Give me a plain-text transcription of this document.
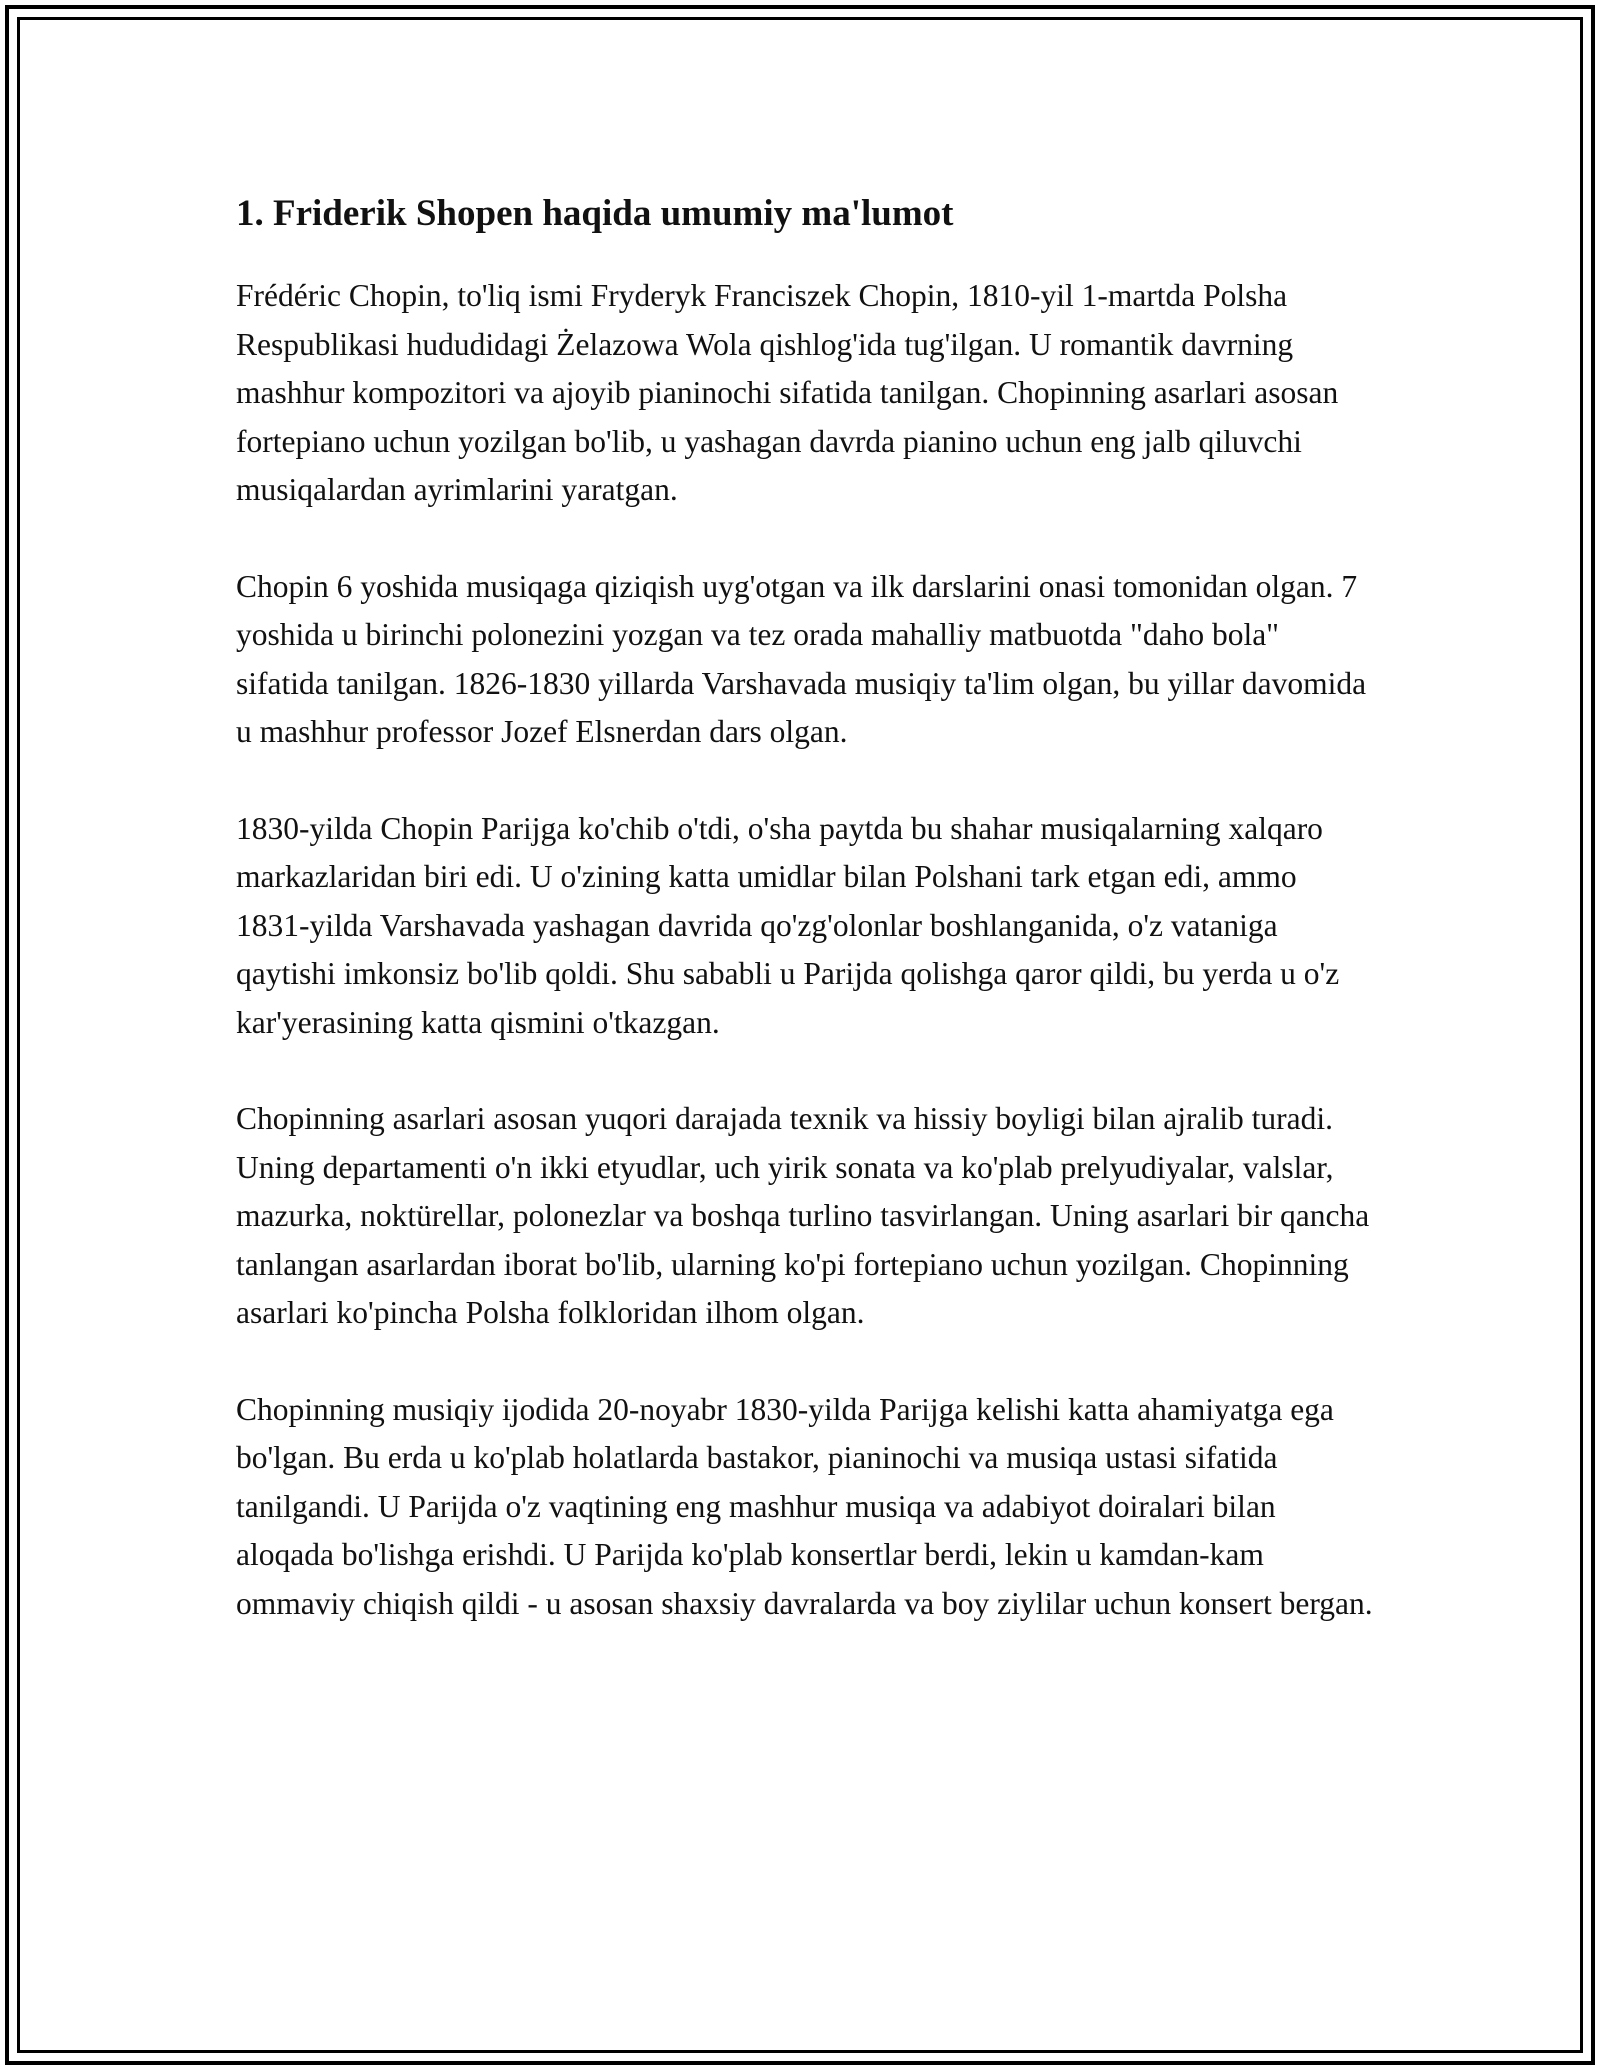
1. Friderik Shopen haqida umumiy ma'lumot

Frédéric Chopin, to'liq ismi Fryderyk Franciszek Chopin, 1810-yil 1-martda Polsha Respublikasi hududidagi Żelazowa Wola qishlog'ida tug'ilgan. U romantik davrning mashhur kompozitori va ajoyib pianinochi sifatida tanilgan. Chopinning asarlari asosan fortepiano uchun yozilgan bo'lib, u yashagan davrda pianino uchun eng jalb qiluvchi musiqalardan ayrimlarini yaratgan.

Chopin 6 yoshida musiqaga qiziqish uyg'otgan va ilk darslarini onasi tomonidan olgan. 7 yoshida u birinchi polonezini yozgan va tez orada mahalliy matbuotda "daho bola" sifatida tanilgan. 1826-1830 yillarda Varshavada musiqiy ta'lim olgan, bu yillar davomida u mashhur professor Jozef Elsnerdan dars olgan.

1830-yilda Chopin Parijga ko'chib o'tdi, o'sha paytda bu shahar musiqalarning xalqaro markazlaridan biri edi. U o'zining katta umidlar bilan Polshani tark etgan edi, ammo 1831-yilda Varshavada yashagan davrida qo'zg'olonlar boshlanganida, o'z vataniga qaytishi imkonsiz bo'lib qoldi. Shu sababli u Parijda qolishga qaror qildi, bu yerda u o'z kar'yerasining katta qismini o'tkazgan.

Chopinning asarlari asosan yuqori darajada texnik va hissiy boyligi bilan ajralib turadi. Uning departamenti o'n ikki etyudlar, uch yirik sonata va ko'plab prelyudiyalar, valslar, mazurka, noktürellar, polonezlar va boshqa turlino tasvirlangan. Uning asarlari bir qancha tanlangan asarlardan iborat bo'lib, ularning ko'pi fortepiano uchun yozilgan. Chopinning asarlari ko'pincha Polsha folkloridan ilhom olgan.

Chopinning musiqiy ijodida 20-noyabr 1830-yilda Parijga kelishi katta ahamiyatga ega bo'lgan. Bu erda u ko'plab holatlarda bastakor, pianinochi va musiqa ustasi sifatida tanilgandi. U Parijda o'z vaqtining eng mashhur musiqa va adabiyot doiralari bilan aloqada bo'lishga erishdi. U Parijda ko'plab konsertlar berdi, lekin u kamdan-kam ommaviy chiqish qildi - u asosan shaxsiy davralarda va boy ziylilar uchun konsert bergan.
